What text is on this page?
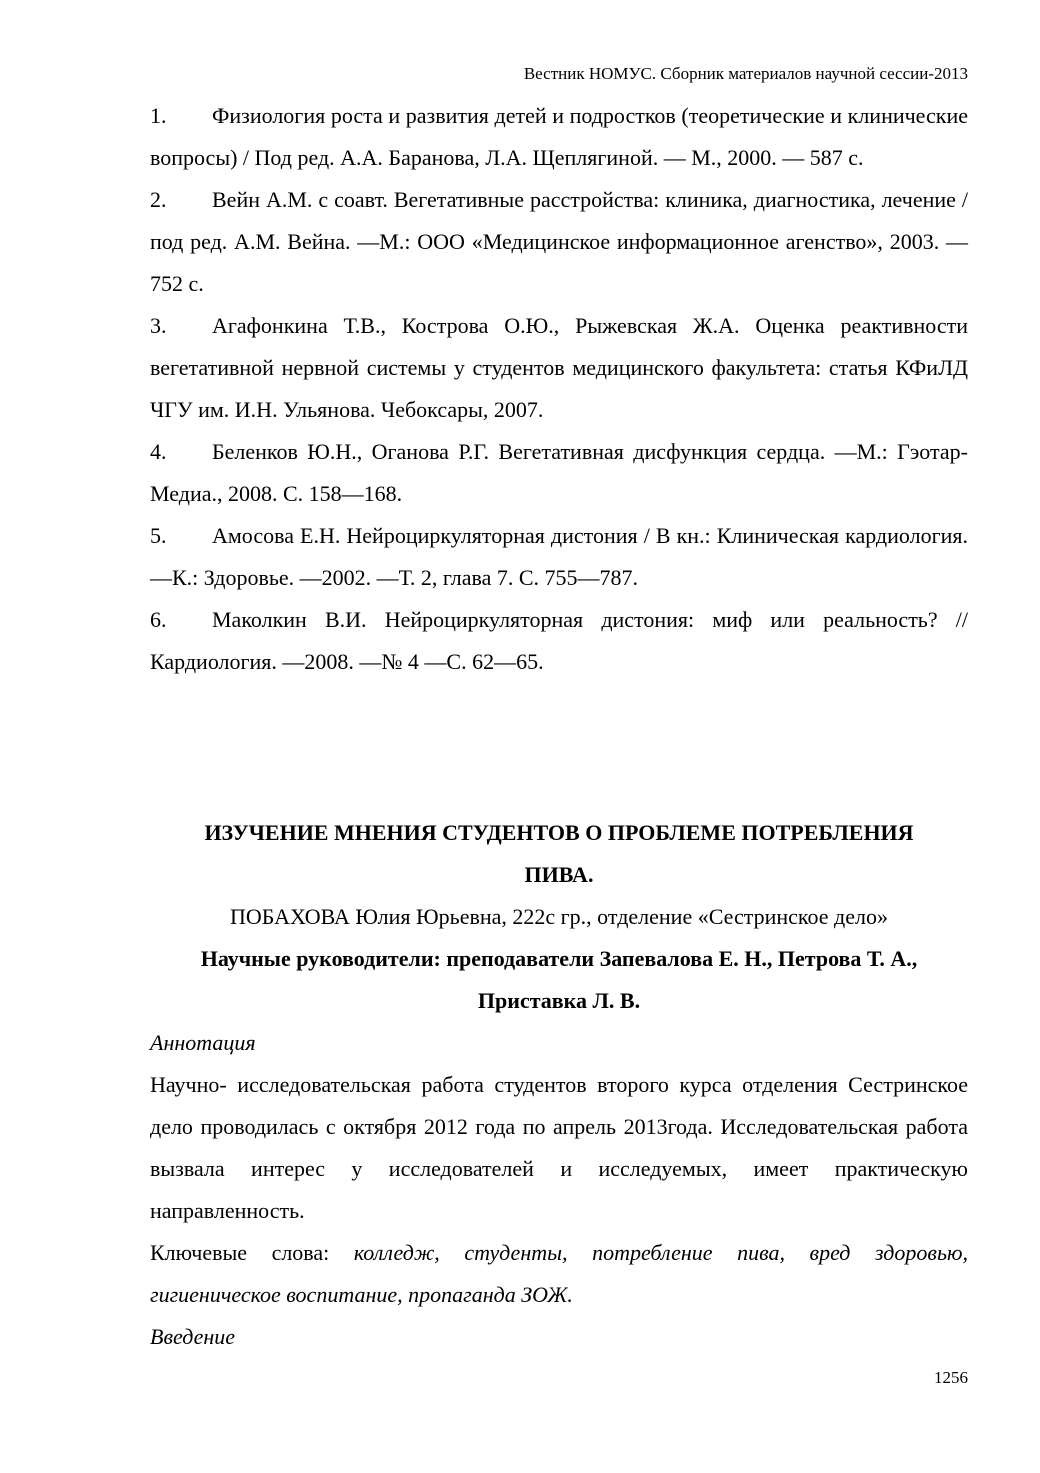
Вестник НОМУС. Сборник материалов научной сессии-2013
1. Физиология роста и развития детей и подростков (теоретические и клинические вопросы) / Под ред. А.А. Баранова, Л.А. Щеплягиной. — М., 2000. — 587 с.
2. Вейн А.М. с соавт. Вегетативные расстройства: клиника, диагностика, лечение / под ред. А.М. Вейна. —М.: ООО «Медицинское информационное агенство», 2003. —752 с.
3. Агафонкина Т.В., Кострова О.Ю., Рыжевская Ж.А. Оценка реактивности вегетативной нервной системы у студентов медицинского факультета: статья КФиЛД ЧГУ им. И.Н. Ульянова. Чебоксары, 2007.
4. Беленков Ю.Н., Оганова Р.Г. Вегетативная дисфункция сердца. —М.: Гэотар-Медиа., 2008. С. 158—168.
5. Амосова Е.Н. Нейроциркуляторная дистония / В кн.: Клиническая кардиология. —К.: Здоровье. —2002. —Т. 2, глава 7. С. 755—787.
6. Маколкин В.И. Нейроциркуляторная дистония: миф или реальность? // Кардиология. —2008. —№ 4 —С. 62—65.
ИЗУЧЕНИЕ МНЕНИЯ СТУДЕНТОВ О ПРОБЛЕМЕ ПОТРЕБЛЕНИЯ
ПИВА.
ПОБАХОВА Юлия Юрьевна, 222с гр., отделение «Сестринское дело»
Научные руководители: преподаватели Запевалова Е. Н., Петрова Т. А.,
Приставка Л. В.
Аннотация
Научно- исследовательская работа студентов второго курса отделения Сестринское дело проводилась с октября 2012 года по апрель 2013года. Исследовательская работа вызвала интерес у исследователей и исследуемых, имеет практическую направленность.
Ключевые слова: колледж, студенты, потребление пива, вред здоровью, гигиеническое воспитание, пропаганда ЗОЖ.
Введение
1256
